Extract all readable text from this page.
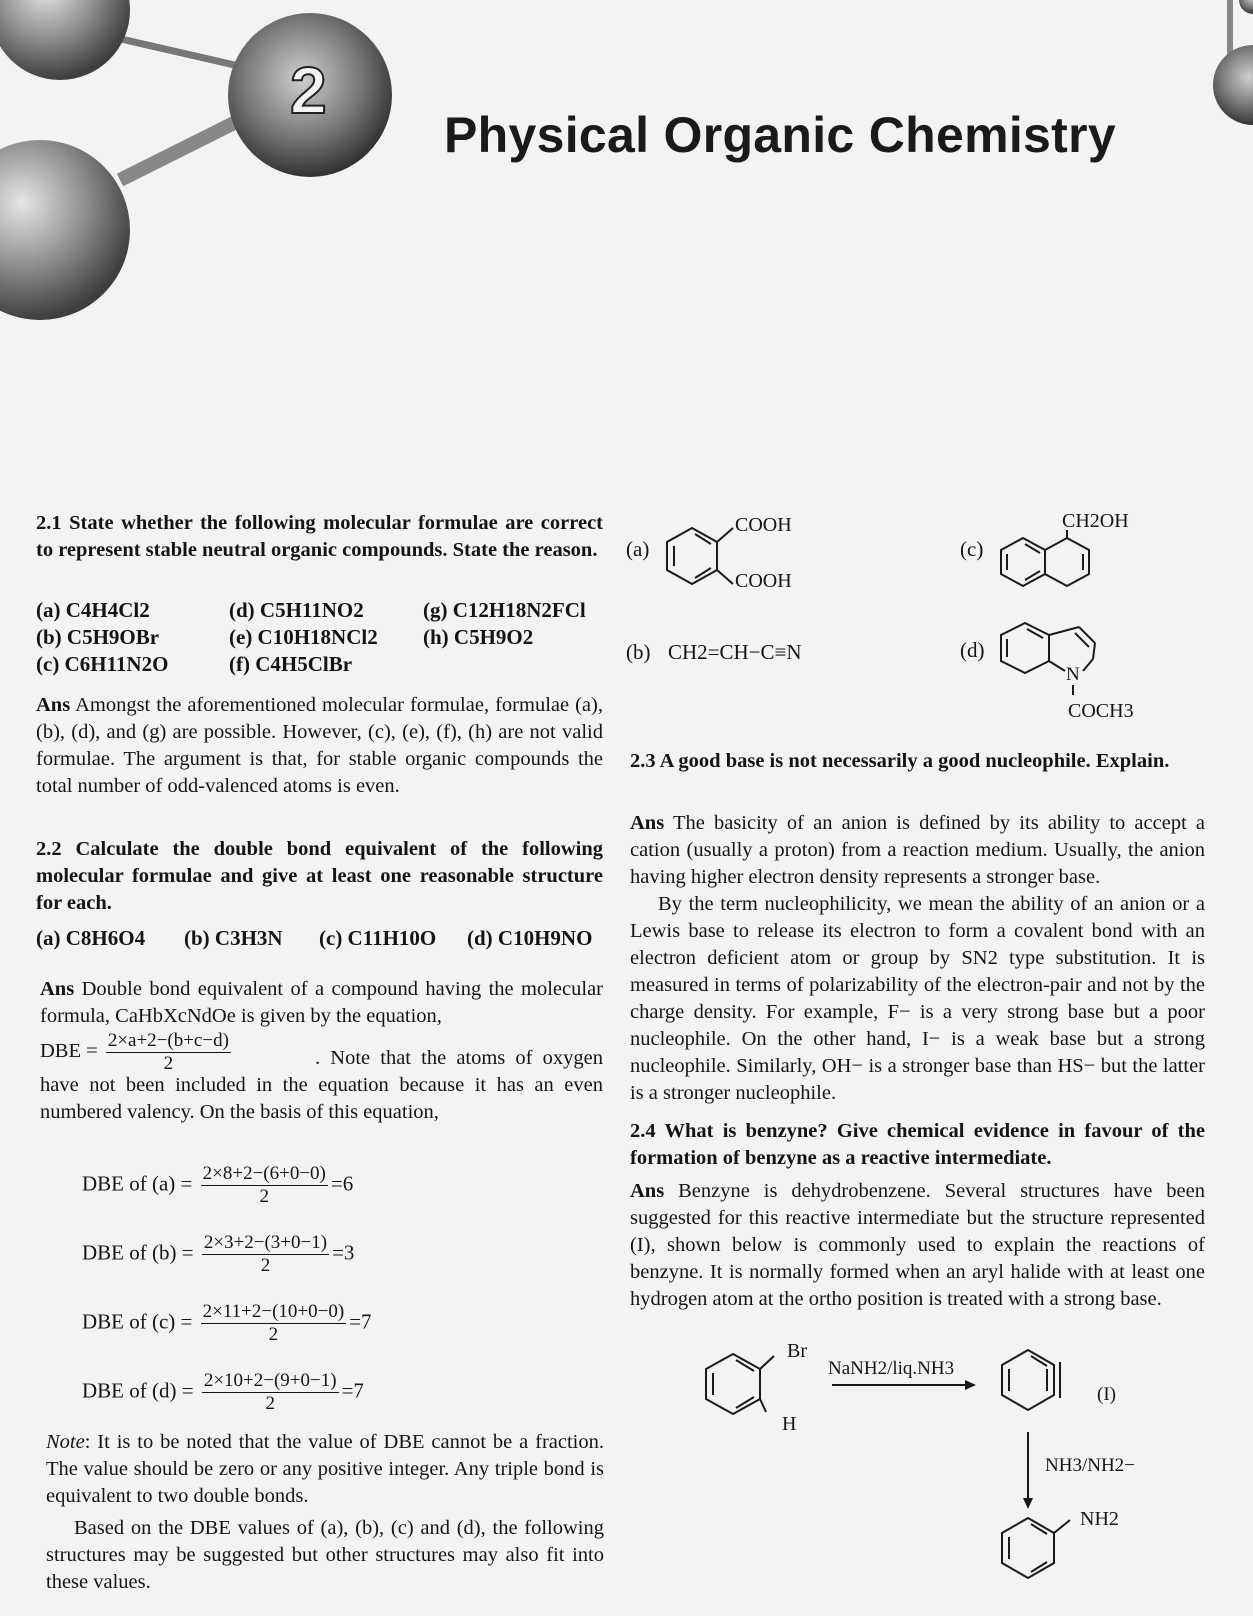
2
Physical Organic Chemistry

2.1 State whether the following molecular formulae are correct to represent stable neutral organic compounds. State the reason.

(a) C4H4Cl2	(d) C5H11NO2	(g) C12H18N2FCl
(b) C5H9OBr	(e) C10H18NCl2 (h) C5H9O2
(c) C6H11N2O	(f) C4H5ClBr
Ans Amongst the aforementioned molecular formulae, formulae (a), (b), (d), and (g) are possible. However, (c), (e), (f), (h) are not valid formulae. The argument is that, for stable organic compounds the total number of odd-valenced atoms is even.
2.2 Calculate the double bond equivalent of the following molecular formulae and give at least one reasonable structure for each.
(a) C8H6O4 (b) C3H3N (c) C11H10O (d) C10H9NO
Ans Double bond equivalent of a compound having the molecular formula, CaHbXcNdOe is given by the equation,
DBE = $\frac{2\times a+2-(b+c-d)}{2}$	. Note that the atoms of oxygen have not been included in the equation because it has an even numbered valency. On the basis of this equation,
DBE of $(a) = \frac{2\times 8+2-(6+0-0)}{2} =6$
DBE of $(b) = \frac{2\times 3+2-(3+0-1)}{2} =3$
DBE of $(c) = \frac{2\times 11+2-(10+0-0)}{2} =7$
DBE of $(d) = \frac{2\times 10+2-(9+0-1)}{2} =7$
Note: It is to be noted that the value of DBE cannot be a fraction. The value should be zero or any positive integer. Any triple bond is equivalent to two double bonds.
Based on the DBE values of (a), (b), (c) and (d), the following structures may be suggested but other structures may also fit into these values.
(a)
COOH
COOH
(b) CH2=CH−C≡N
(c)
CH2OH
(d)
N
COCH3
2.3 A good base is not necessarily a good nucleophile. Explain.
Ans The basicity of an anion is defined by its ability to accept a cation (usually a proton) from a reaction medium. Usually, the anion having higher electron density represents a stronger base.
By the term nucleophilicity, we mean the ability of an anion or a Lewis base to release its electron to form a covalent bond with an electron deficient atom or group by SN2 type substitution. It is measured in terms of polarizability of the electron-pair and not by the charge density. For example, F− is a very strong base but a poor nucleophile. On the other hand, I− is a weak base but a strong nucleophile. Similarly, OH− is a stronger base than HS− but the latter is a stronger nucleophile.
2.4 What is benzyne? Give chemical evidence in favour of the formation of benzyne as a reactive intermediate.
Ans Benzyne is dehydrobenzene. Several structures have been suggested for this reactive intermediate but the structure represented (I), shown below is commonly used to explain the reactions of benzyne. It is normally formed when an aryl halide with at least one hydrogen atom at the ortho position is treated with a strong base.
Br
H
NaNH2/liq.NH3
(I)
NH3/NH2−
NH2
